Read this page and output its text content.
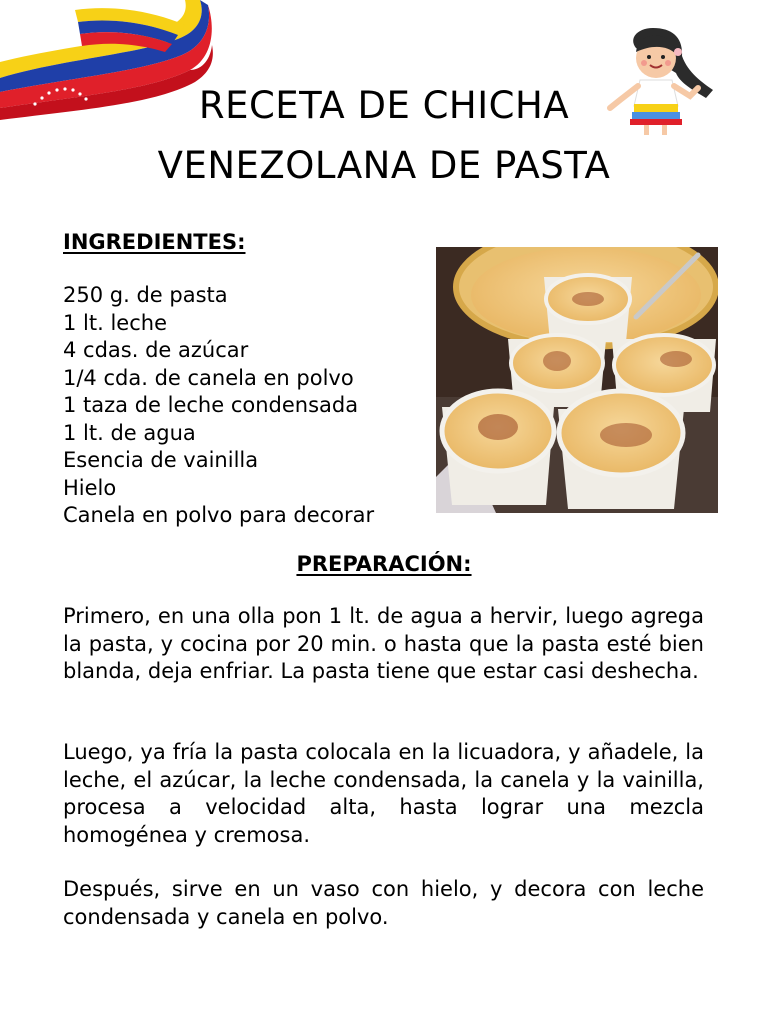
RECETA DE CHICHA
VENEZOLANA DE PASTA
INGREDIENTES:
250 g. de pasta
1 lt. leche
4 cdas. de azúcar
1/4 cda. de canela en polvo
1 taza de leche condensada
1 lt. de agua
Esencia de vainilla
Hielo
Canela en polvo para decorar
PREPARACIÓN:

Primero, en una olla pon 1 lt. de agua a hervir, luego agrega la pasta, y cocina por 20 min. o hasta que la pasta esté bien blanda, deja enfriar. La pasta tiene que estar casi deshecha.

Luego, ya fría la pasta colocala en la licuadora, y añadele, la leche, el azúcar, la leche condensada, la canela y la vainilla, procesa a velocidad alta, hasta lograr una mezcla homogénea y cremosa.

Después, sirve en un vaso con hielo, y decora con leche condensada y canela en polvo.
